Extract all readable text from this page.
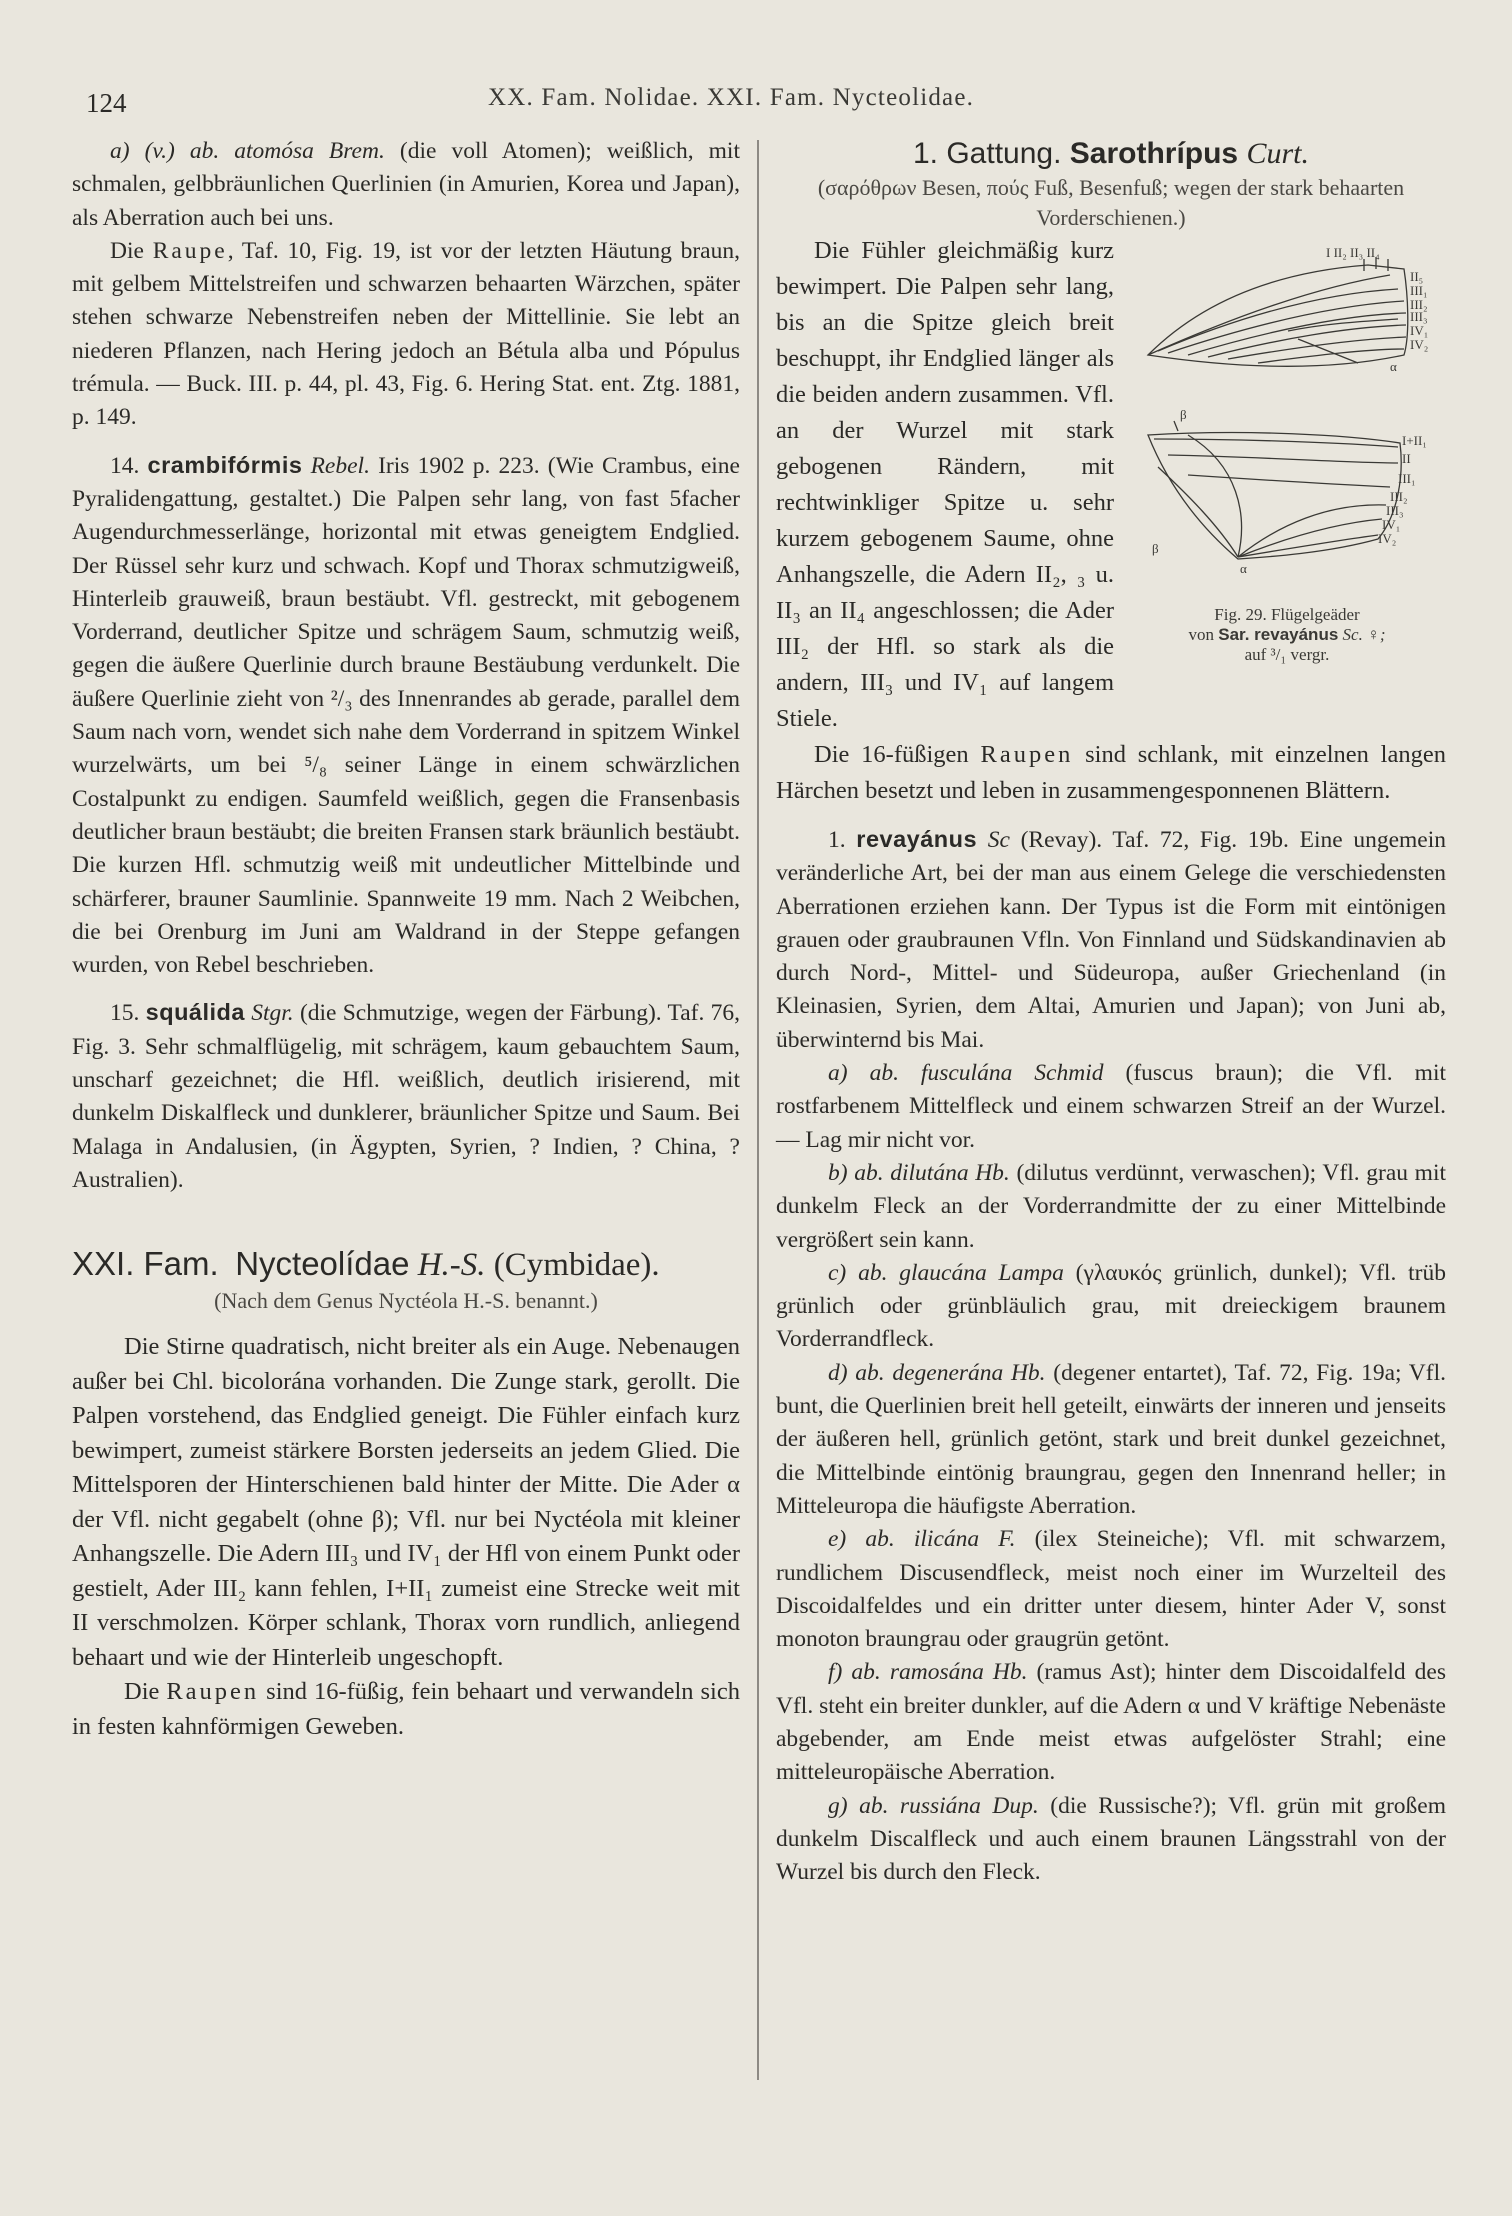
124	XX. Fam. Nolidae. XXI. Fam. Nycteolidae.

a) (v.) ab. atomósa Brem. (die voll Atomen); weißlich, mit schmalen, gelbbräunlichen Querlinien (in Amurien, Korea und Japan), als Aberration auch bei uns.

Die Raupe, Taf. 10, Fig. 19, ist vor der letzten Häutung braun, mit gelbem Mittelstreifen und schwarzen behaarten Wärzchen, später stehen schwarze Nebenstreifen neben der Mittellinie. Sie lebt an niederen Pflanzen, nach Hering jedoch an Bétula alba und Pópulus trémula. — Buck. III. p. 44, pl. 43, Fig. 6. Hering Stat. ent. Ztg. 1881, p. 149.

14. crambifórmis Rebel. Iris 1902 p. 223. (Wie Crambus, eine Pyralidengattung, gestaltet.) Die Palpen sehr lang, von fast 5facher Augendurchmesserlänge, horizontal mit etwas geneigtem Endglied. Der Rüssel sehr kurz und schwach. Kopf und Thorax schmutzigweiß, Hinterleib grauweiß, braun bestäubt. Vfl. gestreckt, mit gebogenem Vorderrand, deutlicher Spitze und schrägem Saum, schmutzig weiß, gegen die äußere Querlinie durch braune Bestäubung verdunkelt. Die äußere Querlinie zieht von ²/₃ des Innenrandes ab gerade, parallel dem Saum nach vorn, wendet sich nahe dem Vorderrand in spitzem Winkel wurzelwärts, um bei ⁵/₈ seiner Länge in einem schwärzlichen Costalpunkt zu endigen. Saumfeld weißlich, gegen die Fransenbasis deutlicher braun bestäubt; die breiten Fransen stark bräunlich bestäubt. Die kurzen Hfl. schmutzig weiß mit undeutlicher Mittelbinde und schärferer, brauner Saumlinie. Spannweite 19 mm. Nach 2 Weibchen, die bei Orenburg im Juni am Waldrand in der Steppe gefangen wurden, von Rebel beschrieben.

15. squálida Stgr. (die Schmutzige, wegen der Färbung). Taf. 76, Fig. 3. Sehr schmalflügelig, mit schrägem, kaum gebauchtem Saum, unscharf gezeichnet; die Hfl. weißlich, deutlich irisierend, mit dunkelm Diskalfleck und dunklerer, bräunlicher Spitze und Saum. Bei Malaga in Andalusien, (in Ägypten, Syrien, ? Indien, ? China, ? Australien).

XXI. Fam. Nycteolídae H.-S. (Cymbidae).

(Nach dem Genus Nyctéola H.-S. benannt.)

Die Stirne quadratisch, nicht breiter als ein Auge. Nebenaugen außer bei Chl. bicolorána vorhanden. Die Zunge stark, gerollt. Die Palpen vorstehend, das Endglied geneigt. Die Fühler einfach kurz bewimpert, zumeist stärkere Borsten jederseits an jedem Glied. Die Mittelsporen der Hinterschienen bald hinter der Mitte. Die Ader α der Vfl. nicht gegabelt (ohne β); Vfl. nur bei Nyctéola mit kleiner Anhangszelle. Die Adern III₃ und IV₁ der Hfl von einem Punkt oder gestielt, Ader III₂ kann fehlen, I+II₁ zumeist eine Strecke weit mit II verschmolzen. Körper schlank, Thorax vorn rundlich, anliegend behaart und wie der Hinterleib ungeschopft.

Die Raupen sind 16-füßig, fein behaart und verwandeln sich in festen kahnförmigen Geweben.

1. Gattung. Sarothrípus Curt.

(σαρόθρων Besen, πούς Fuß, Besenfuß; wegen der stark behaarten Vorderschienen.)

I II₂ II₃ II₄
II₅
III₁
III₂
III₃
IV₁
IV₂
α
β
I+II₁
II
III₁
III₂
III₃
IV₁
IV₂
β
α
Fig. 29. Flügelgeäder
von Sar. revayánus Sc. ♀;
auf ³/₁ vergr.

Die Fühler gleichmäßig kurz bewimpert. Die Palpen sehr lang, bis an die Spitze gleich breit beschuppt, ihr Endglied länger als die beiden andern zusammen. Vfl. an der Wurzel mit stark gebogenen Rändern, mit rechtwinkliger Spitze u. sehr kurzem gebogenem Saume, ohne Anhangszelle, die Adern II₂, ₃ u. II₃ an II₄ angeschlossen; die Ader III₂ der Hfl. so stark als die andern, III₃ und IV₁ auf langem Stiele.

Die 16-füßigen Raupen sind schlank, mit einzelnen langen Härchen besetzt und leben in zusammengesponnenen Blättern.

1. revayánus Sc (Revay). Taf. 72, Fig. 19b. Eine ungemein veränderliche Art, bei der man aus einem Gelege die verschiedensten Aberrationen erziehen kann. Der Typus ist die Form mit eintönigen grauen oder graubraunen Vfln. Von Finnland und Südskandinavien ab durch Nord-, Mittel- und Südeuropa, außer Griechenland (in Kleinasien, Syrien, dem Altai, Amurien und Japan); von Juni ab, überwinternd bis Mai.

a) ab. fusculána Schmid (fuscus braun); die Vfl. mit rostfarbenem Mittelfleck und einem schwarzen Streif an der Wurzel. — Lag mir nicht vor.

b) ab. dilutána Hb. (dilutus verdünnt, verwaschen); Vfl. grau mit dunkelm Fleck an der Vorderrandmitte der zu einer Mittelbinde vergrößert sein kann.

c) ab. glaucána Lampa (γλαυκός grünlich, dunkel); Vfl. trüb grünlich oder grünbläulich grau, mit dreieckigem braunem Vorderrandfleck.

d) ab. degenerána Hb. (degener entartet), Taf. 72, Fig. 19a; Vfl. bunt, die Querlinien breit hell geteilt, einwärts der inneren und jenseits der äußeren hell, grünlich getönt, stark und breit dunkel gezeichnet, die Mittelbinde eintönig braungrau, gegen den Innenrand heller; in Mitteleuropa die häufigste Aberration.

e) ab. ilicána F. (ilex Steineiche); Vfl. mit schwarzem, rundlichem Discusendfleck, meist noch einer im Wurzelteil des Discoidalfeldes und ein dritter unter diesem, hinter Ader V, sonst monoton braungrau oder graugrün getönt.

f) ab. ramosána Hb. (ramus Ast); hinter dem Discoidalfeld des Vfl. steht ein breiter dunkler, auf die Adern α und V kräftige Nebenäste abgebender, am Ende meist etwas aufgelöster Strahl; eine mitteleuropäische Aberration.

g) ab. russiána Dup. (die Russische?); Vfl. grün mit großem dunkelm Discalfleck und auch einem braunen Längsstrahl von der Wurzel bis durch den Fleck.
